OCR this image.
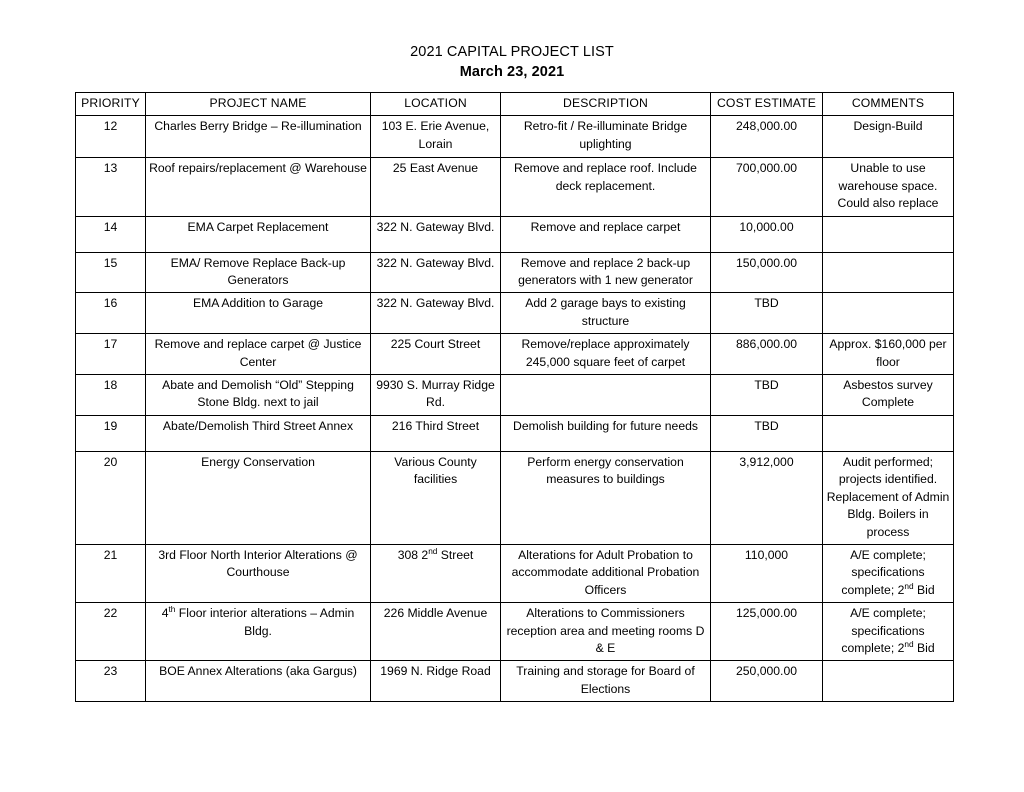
2021 CAPITAL PROJECT LIST
March 23, 2021
PRIORITY	PROJECT NAME	LOCATION	DESCRIPTION	COST ESTIMATE	COMMENTS

12	Charles Berry Bridge – Re-illumination	103 E. Erie Avenue, Lorain	Retro-fit / Re-illuminate Bridge uplighting	248,000.00	Design-Build

13	Roof repairs/replacement @ Warehouse	25 East Avenue	Remove and replace roof. Include deck replacement.	700,000.00	Unable to use warehouse space. Could also replace

14	EMA Carpet Replacement	322 N. Gateway Blvd.	Remove and replace carpet	10,000.00	

15	EMA/ Remove Replace Back-up Generators	322 N. Gateway Blvd.	Remove and replace 2 back-up generators with 1 new generator	150,000.00	

16	EMA Addition to Garage	322 N. Gateway Blvd.	Add 2 garage bays to existing structure	TBD	

17	Remove and replace carpet @ Justice Center	225 Court Street	Remove/replace approximately 245,000 square feet of carpet	886,000.00	Approx. $160,000 per floor

18	Abate and Demolish “Old” Stepping Stone Bldg. next to jail	9930 S. Murray Ridge Rd.		TBD	Asbestos survey Complete

19	Abate/Demolish Third Street Annex	216 Third Street	Demolish building for future needs	TBD	

20	Energy Conservation	Various County facilities	Perform energy conservation measures to buildings	3,912,000	Audit performed; projects identified. Replacement of Admin Bldg. Boilers in process

21	3rd Floor North Interior Alterations @ Courthouse	308 2nd Street	Alterations for Adult Probation to accommodate additional Probation Officers	110,000	A/E complete; specifications complete; 2nd Bid

22	4th Floor interior alterations – Admin Bldg.	226 Middle Avenue	Alterations to Commissioners reception area and meeting rooms D & E	125,000.00	A/E complete; specifications complete; 2nd Bid

23	BOE Annex Alterations (aka Gargus)	1969 N. Ridge Road	Training and storage for Board of Elections	250,000.00	
